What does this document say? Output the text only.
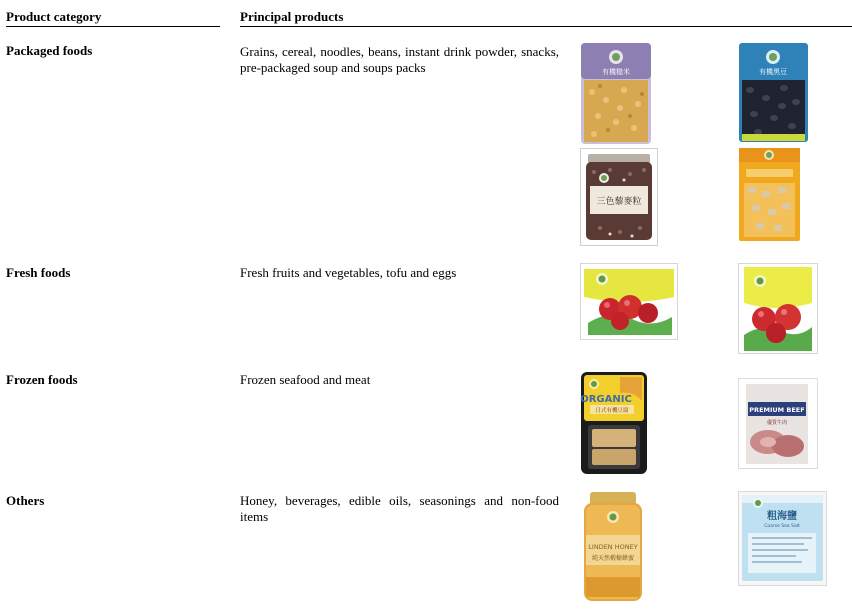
Product category	Principal products
Packaged foods	Grains, cereal, noodles, beans, instant drink powder, snacks, pre-packaged soup and soups packs	有機糙米	有機黑豆
三色藜麥粒
Fresh foods	Fresh fruits and vegetables, tofu and eggs
Frozen foods	Frozen seafood and meat
ORGANIC
日式有機豆腐	PREMIUM BEEF
優質牛肉
Others	Honey, beverages, edible oils, seasonings and non-food items
LINDEN HONEY
純天然椴樹蜂蜜
粗海鹽
Coarse Sea Salt
